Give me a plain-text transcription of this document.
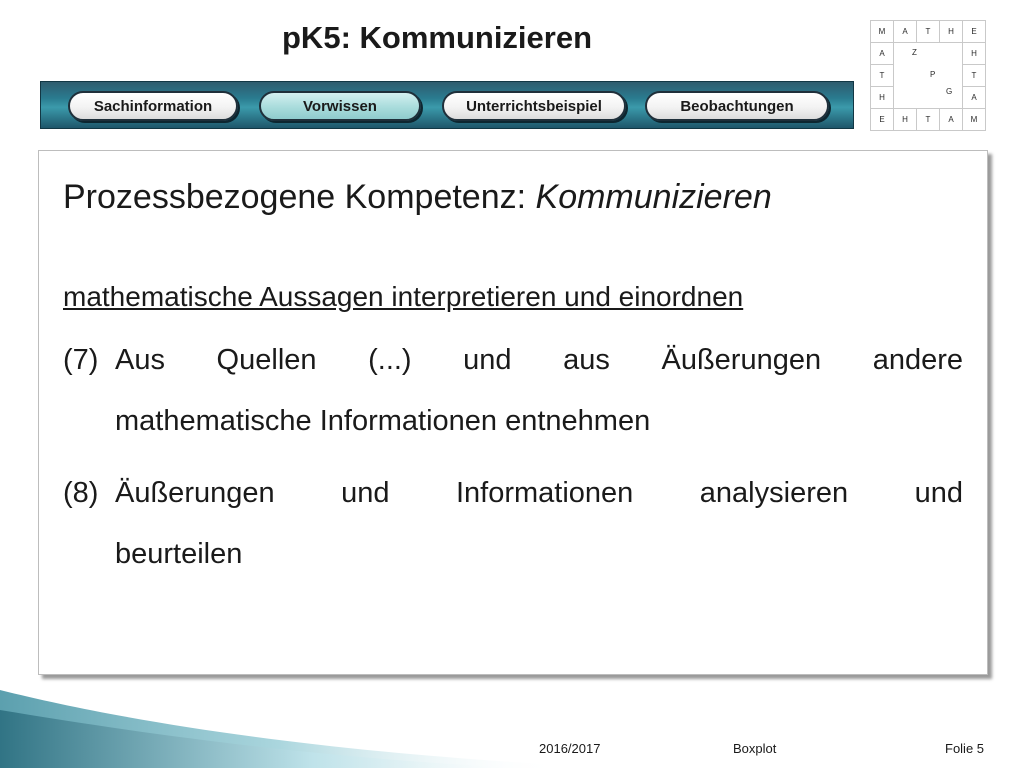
pK5: Kommunizieren	M	A	T	H	E
A	Z
P
G			H
T				T
H				A
E	H	T	A	M
Sachinformation	Vorwissen	Unterrichtsbeispiel	Beobachtungen
Prozessbezogene Kompetenz: Kommunizieren
mathematische Aussagen interpretieren und einordnen
(7) Aus Quellen (...) und aus Äußerungen andere
mathematische Informationen entnehmen
(8) Äußerungen und Informationen analysieren und
beurteilen
2016/2017	Boxplot	Folie 5
